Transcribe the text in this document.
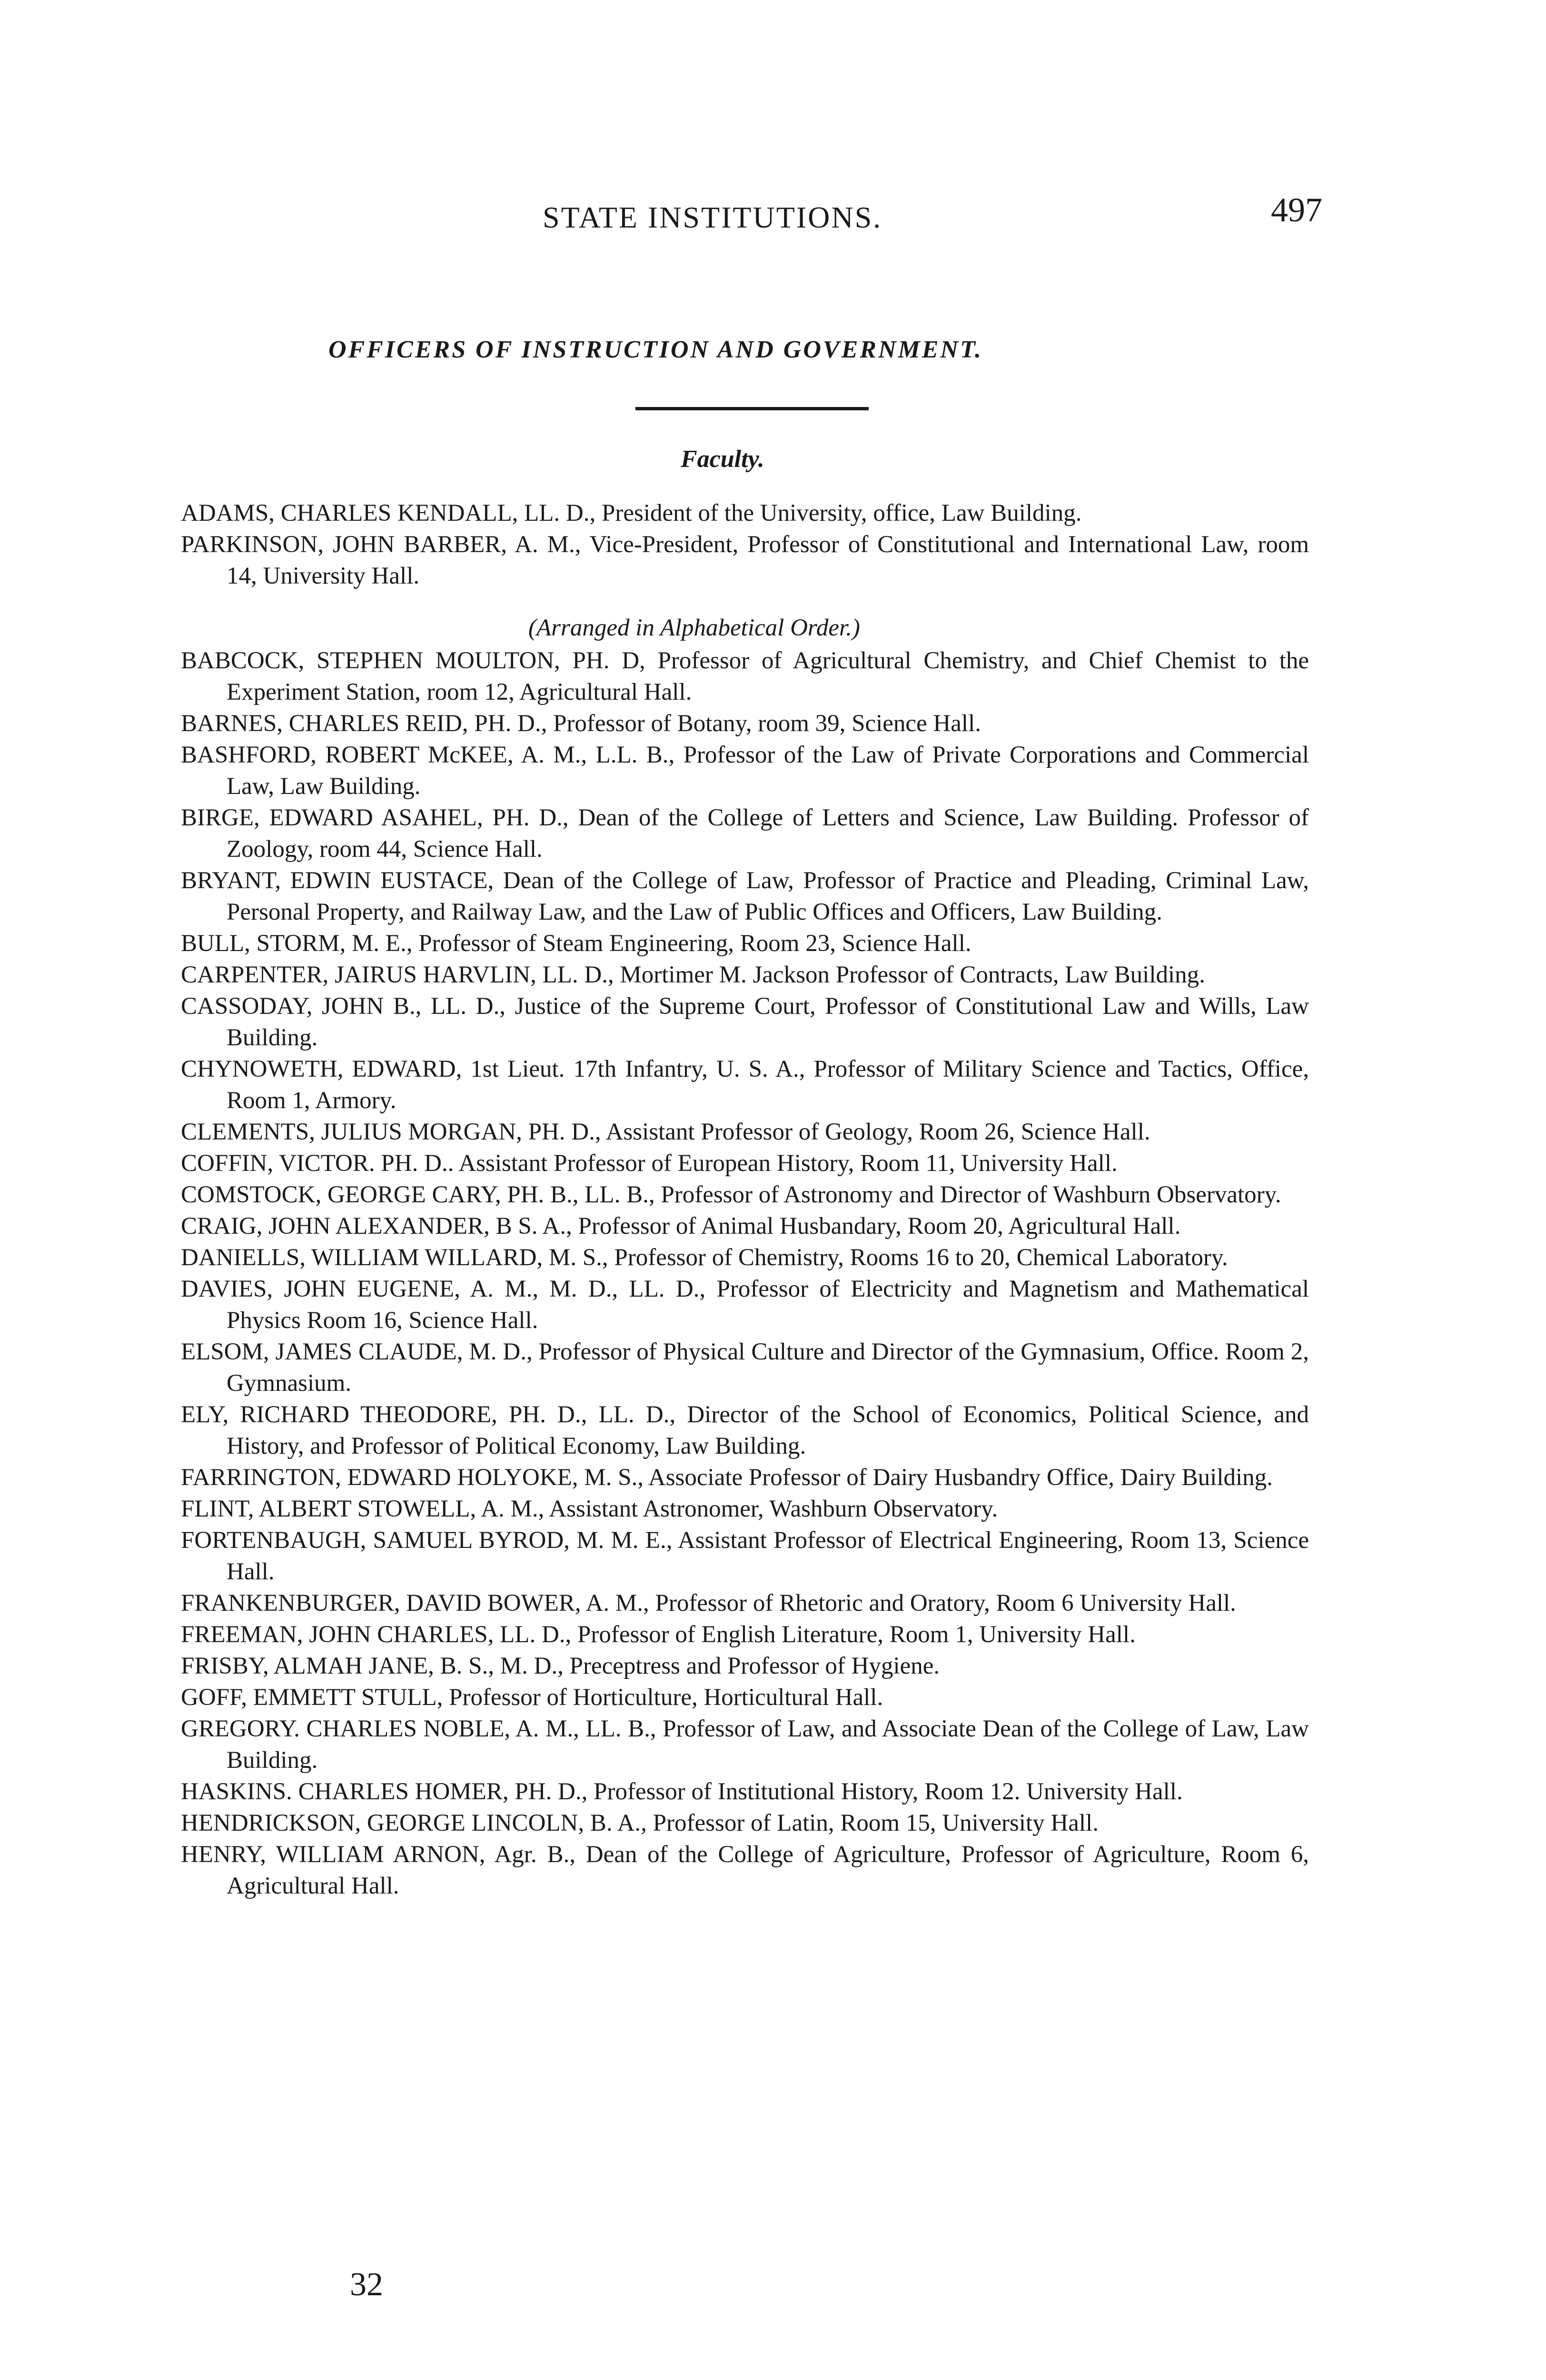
STATE INSTITUTIONS.	497
OFFICERS OF INSTRUCTION AND GOVERNMENT.
Faculty.

ADAMS, CHARLES KENDALL, LL. D., President of the University, office, Law Building.

PARKINSON, JOHN BARBER, A. M., Vice-President, Professor of Constitutional and International Law, room 14, University Hall.

(Arranged in Alphabetical Order.)

BABCOCK, STEPHEN MOULTON, PH. D, Professor of Agricultural Chemistry, and Chief Chemist to the Experiment Station, room 12, Agricultural Hall.

BARNES, CHARLES REID, PH. D., Professor of Botany, room 39, Science Hall.

BASHFORD, ROBERT McKEE, A. M., L.L. B., Professor of the Law of Private Corporations and Commercial Law, Law Building.

BIRGE, EDWARD ASAHEL, PH. D., Dean of the College of Letters and Science, Law Building. Professor of Zoology, room 44, Science Hall.

BRYANT, EDWIN EUSTACE, Dean of the College of Law, Professor of Practice and Pleading, Criminal Law, Personal Property, and Railway Law, and the Law of Public Offices and Officers, Law Building.

BULL, STORM, M. E., Professor of Steam Engineering, Room 23, Science Hall.

CARPENTER, JAIRUS HARVLIN, LL. D., Mortimer M. Jackson Professor of Contracts, Law Building.

CASSODAY, JOHN B., LL. D., Justice of the Supreme Court, Professor of Constitutional Law and Wills, Law Building.

CHYNOWETH, EDWARD, 1st Lieut. 17th Infantry, U. S. A., Professor of Military Science and Tactics, Office, Room 1, Armory.

CLEMENTS, JULIUS MORGAN, PH. D., Assistant Professor of Geology, Room 26, Science Hall.

COFFIN, VICTOR. PH. D.. Assistant Professor of European History, Room 11, University Hall.

COMSTOCK, GEORGE CARY, PH. B., LL. B., Professor of Astronomy and Director of Washburn Observatory.

CRAIG, JOHN ALEXANDER, B S. A., Professor of Animal Husbandary, Room 20, Agricultural Hall.

DANIELLS, WILLIAM WILLARD, M. S., Professor of Chemistry, Rooms 16 to 20, Chemical Laboratory.

DAVIES, JOHN EUGENE, A. M., M. D., LL. D., Professor of Electricity and Magnetism and Mathematical Physics Room 16, Science Hall.

ELSOM, JAMES CLAUDE, M. D., Professor of Physical Culture and Director of the Gymnasium, Office. Room 2, Gymnasium.

ELY, RICHARD THEODORE, PH. D., LL. D., Director of the School of Economics, Political Science, and History, and Professor of Political Economy, Law Building.

FARRINGTON, EDWARD HOLYOKE, M. S., Associate Professor of Dairy Husbandry Office, Dairy Building.

FLINT, ALBERT STOWELL, A. M., Assistant Astronomer, Washburn Observatory.

FORTENBAUGH, SAMUEL BYROD, M. M. E., Assistant Professor of Electrical Engineering, Room 13, Science Hall.

FRANKENBURGER, DAVID BOWER, A. M., Professor of Rhetoric and Oratory, Room 6 University Hall.

FREEMAN, JOHN CHARLES, LL. D., Professor of English Literature, Room 1, University Hall.

FRISBY, ALMAH JANE, B. S., M. D., Preceptress and Professor of Hygiene.

GOFF, EMMETT STULL, Professor of Horticulture, Horticultural Hall.

GREGORY. CHARLES NOBLE, A. M., LL. B., Professor of Law, and Associate Dean of the College of Law, Law Building.

HASKINS. CHARLES HOMER, PH. D., Professor of Institutional History, Room 12. University Hall.

HENDRICKSON, GEORGE LINCOLN, B. A., Professor of Latin, Room 15, University Hall.

HENRY, WILLIAM ARNON, Agr. B., Dean of the College of Agriculture, Professor of Agriculture, Room 6, Agricultural Hall.

32
